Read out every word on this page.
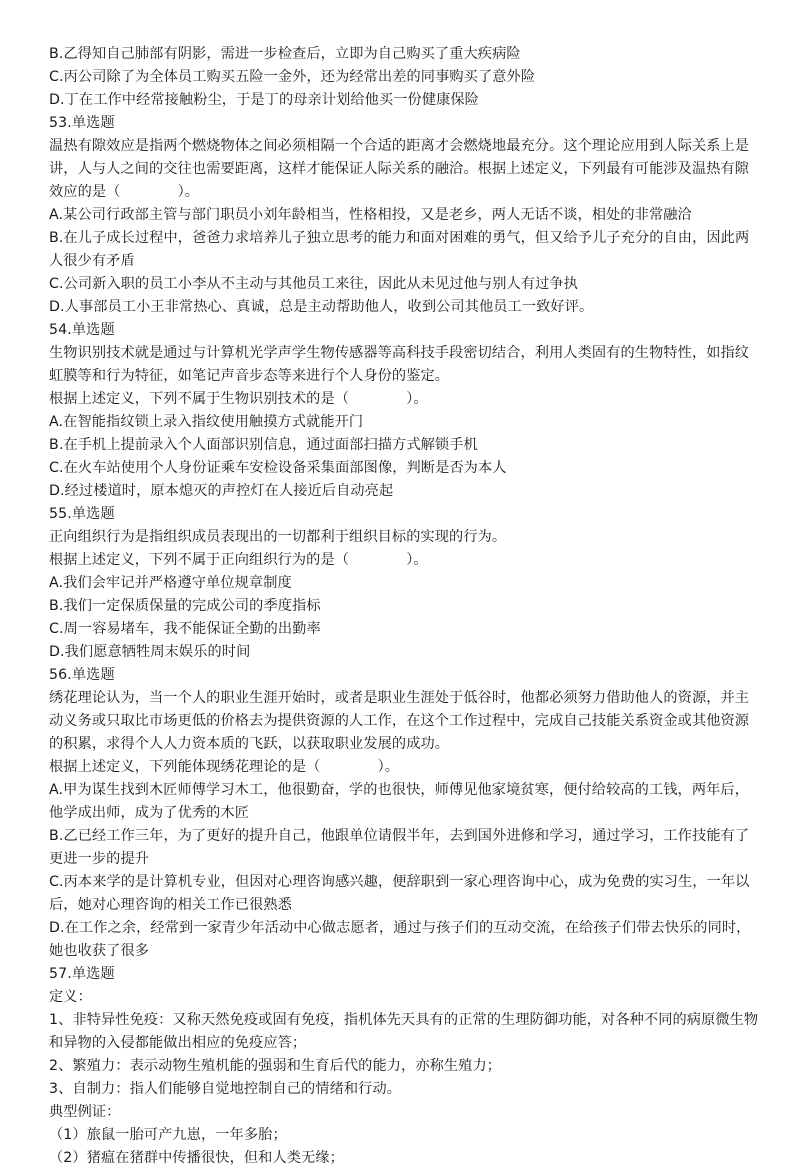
B.乙得知自己肺部有阴影，需进一步检查后，立即为自己购买了重大疾病险
C.丙公司除了为全体员工购买五险一金外，还为经常出差的同事购买了意外险
D.丁在工作中经常接触粉尘，于是丁的母亲计划给他买一份健康保险
53.单选题
温热有隙效应是指两个燃烧物体之间必须相隔一个合适的距离才会燃烧地最充分。这个理论应用到人际关系上是
讲，人与人之间的交往也需要距离，这样才能保证人际关系的融洽。根据上述定义，下列最有可能涉及温热有隙
效应的是（　　　　）。
A.某公司行政部主管与部门职员小刘年龄相当，性格相投，又是老乡，两人无话不谈，相处的非常融洽
B.在儿子成长过程中，爸爸力求培养儿子独立思考的能力和面对困难的勇气，但又给予儿子充分的自由，因此两
人很少有矛盾
C.公司新入职的员工小李从不主动与其他员工来往，因此从未见过他与别人有过争执
D.人事部员工小王非常热心、真诚，总是主动帮助他人，收到公司其他员工一致好评。
54.单选题
生物识别技术就是通过与计算机光学声学生物传感器等高科技手段密切结合，利用人类固有的生物特性，如指纹
虹膜等和行为特征，如笔记声音步态等来进行个人身份的鉴定。
根据上述定义，下列不属于生物识别技术的是（　　　　）。
A.在智能指纹锁上录入指纹使用触摸方式就能开门
B.在手机上提前录入个人面部识别信息，通过面部扫描方式解锁手机
C.在火车站使用个人身份证乘车安检设备采集面部图像，判断是否为本人
D.经过楼道时，原本熄灭的声控灯在人接近后自动亮起
55.单选题
正向组织行为是指组织成员表现出的一切都利于组织目标的实现的行为。
根据上述定义，下列不属于正向组织行为的是（　　　　）。
A.我们会牢记并严格遵守单位规章制度
B.我们一定保质保量的完成公司的季度指标
C.周一容易堵车，我不能保证全勤的出勤率
D.我们愿意牺牲周末娱乐的时间
56.单选题
绣花理论认为，当一个人的职业生涯开始时，或者是职业生涯处于低谷时，他都必须努力借助他人的资源，并主
动义务或只取比市场更低的价格去为提供资源的人工作，在这个工作过程中，完成自己技能关系资金或其他资源
的积累，求得个人人力资本质的飞跃，以获取职业发展的成功。
根据上述定义，下列能体现绣花理论的是（　　　　）。
A.甲为谋生找到木匠师傅学习木工，他很勤奋，学的也很快，师傅见他家境贫寒，便付给较高的工钱，两年后，
他学成出师，成为了优秀的木匠
B.乙已经工作三年，为了更好的提升自己，他跟单位请假半年，去到国外进修和学习，通过学习，工作技能有了
更进一步的提升
C.丙本来学的是计算机专业，但因对心理咨询感兴趣，便辞职到一家心理咨询中心，成为免费的实习生，一年以
后，她对心理咨询的相关工作已很熟悉
D.在工作之余，经常到一家青少年活动中心做志愿者，通过与孩子们的互动交流，在给孩子们带去快乐的同时，
她也收获了很多
57.单选题
定义：
1、非特异性免疫：又称天然免疫或固有免疫，指机体先天具有的正常的生理防御功能，对各种不同的病原微生物
和异物的入侵都能做出相应的免疫应答；
2、繁殖力：表示动物生殖机能的强弱和生育后代的能力，亦称生殖力；
3、自制力：指人们能够自觉地控制自己的情绪和行动。
典型例证：
（1）旅鼠一胎可产九崽，一年多胎；
（2）猪瘟在猪群中传播很快，但和人类无缘；
